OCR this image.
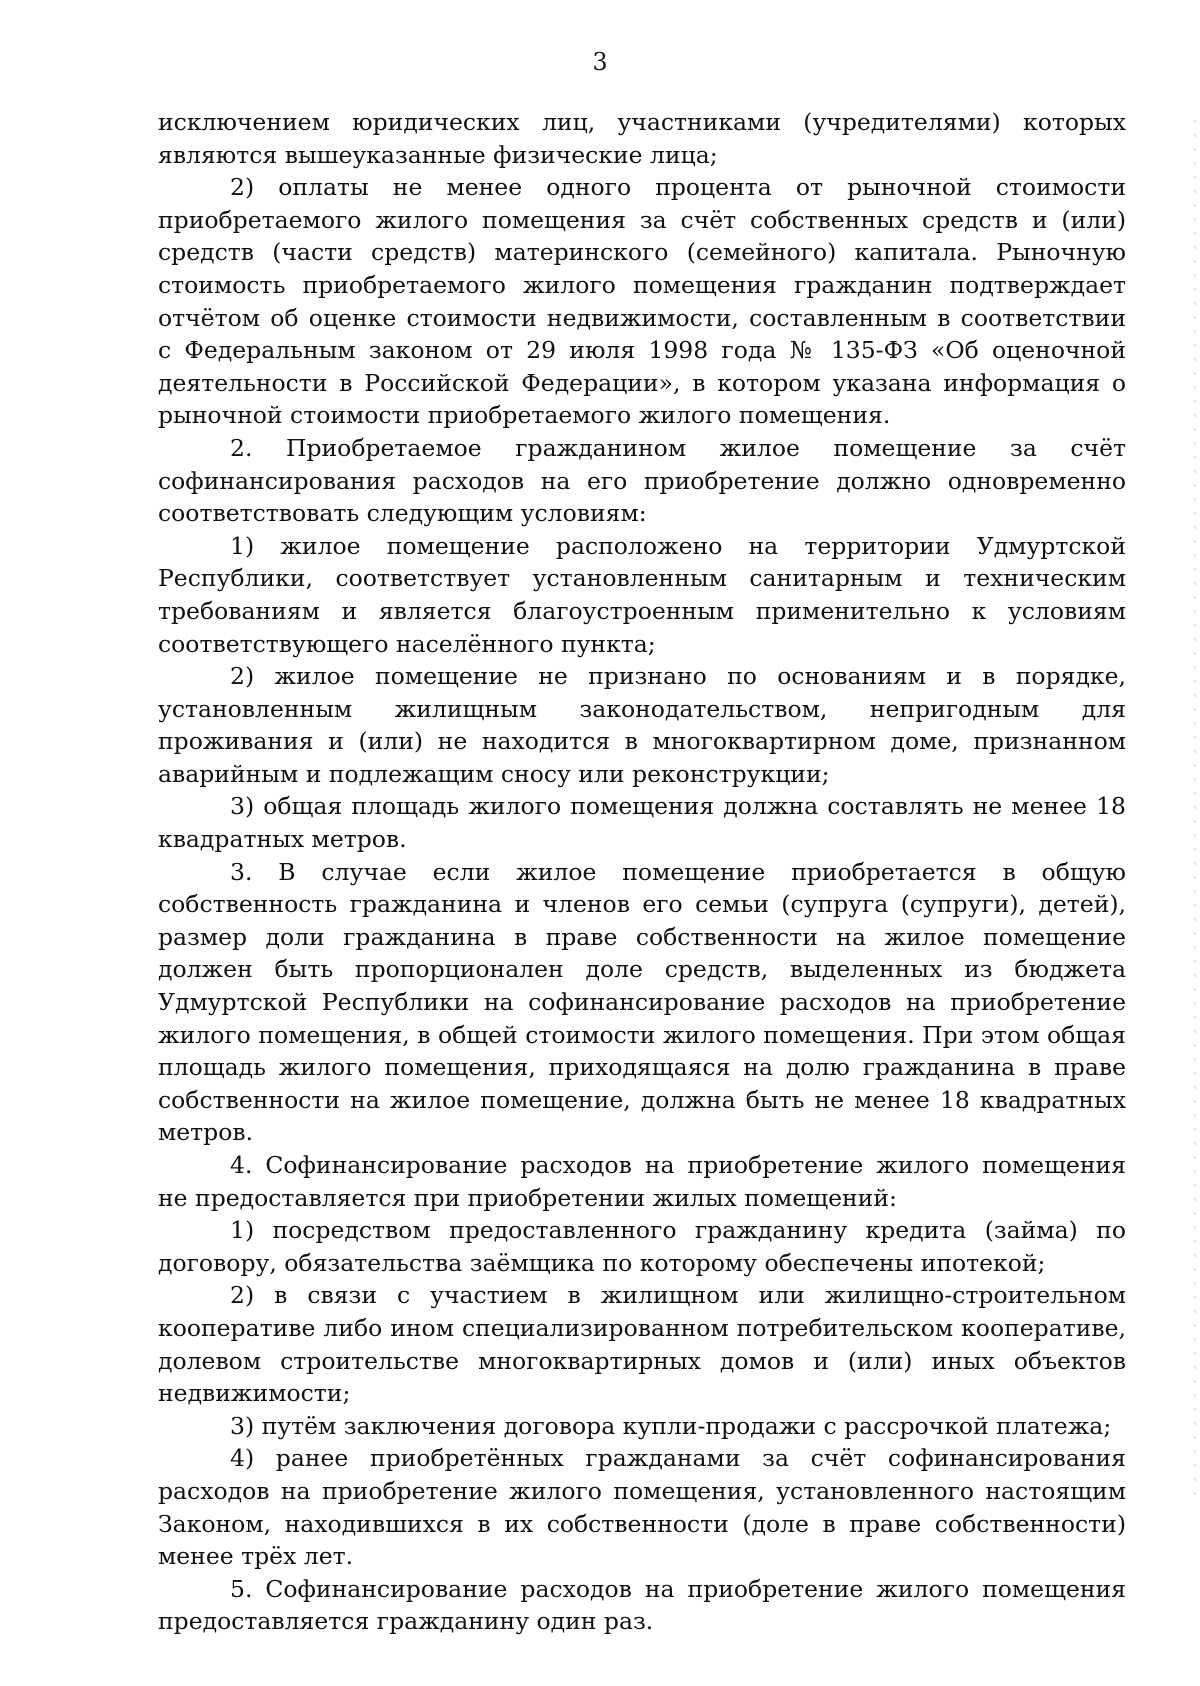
3

исключением юридических лиц, участниками (учредителями) которых являются вышеуказанные физические лица;

2) оплаты не менее одного процента от рыночной стоимости приобретаемого жилого помещения за счёт собственных средств и (или) средств (части средств) материнского (семейного) капитала. Рыночную стоимость приобретаемого жилого помещения гражданин подтверждает отчётом об оценке стоимости недвижимости, составленным в соответствии с Федеральным законом от 29 июля 1998 года № 135-ФЗ «Об оценочной деятельности в Российской Федерации», в котором указана информация о рыночной стоимости приобретаемого жилого помещения.

2. Приобретаемое гражданином жилое помещение за счёт софинансирования расходов на его приобретение должно одновременно соответствовать следующим условиям:

1) жилое помещение расположено на территории Удмуртской Республики, соответствует установленным санитарным и техническим требованиям и является благоустроенным применительно к условиям соответствующего населённого пункта;

2) жилое помещение не признано по основаниям и в порядке, установленным жилищным законодательством, непригодным для проживания и (или) не находится в многоквартирном доме, признанном аварийным и подлежащим сносу или реконструкции;

3) общая площадь жилого помещения должна составлять не менее 18 квадратных метров.

3. В случае если жилое помещение приобретается в общую собственность гражданина и членов его семьи (супруга (супруги), детей), размер доли гражданина в праве собственности на жилое помещение должен быть пропорционален доле средств, выделенных из бюджета Удмуртской Республики на софинансирование расходов на приобретение жилого помещения, в общей стоимости жилого помещения. При этом общая площадь жилого помещения, приходящаяся на долю гражданина в праве собственности на жилое помещение, должна быть не менее 18 квадратных метров.

4. Софинансирование расходов на приобретение жилого помещения не предоставляется при приобретении жилых помещений:

1) посредством предоставленного гражданину кредита (займа) по договору, обязательства заёмщика по которому обеспечены ипотекой;

2) в связи с участием в жилищном или жилищно-строительном кооперативе либо ином специализированном потребительском кооперативе, долевом строительстве многоквартирных домов и (или) иных объектов недвижимости;

3) путём заключения договора купли-продажи с рассрочкой платежа;

4) ранее приобретённых гражданами за счёт софинансирования расходов на приобретение жилого помещения, установленного настоящим Законом, находившихся в их собственности (доле в праве собственности) менее трёх лет.

5. Софинансирование расходов на приобретение жилого помещения предоставляется гражданину один раз.
